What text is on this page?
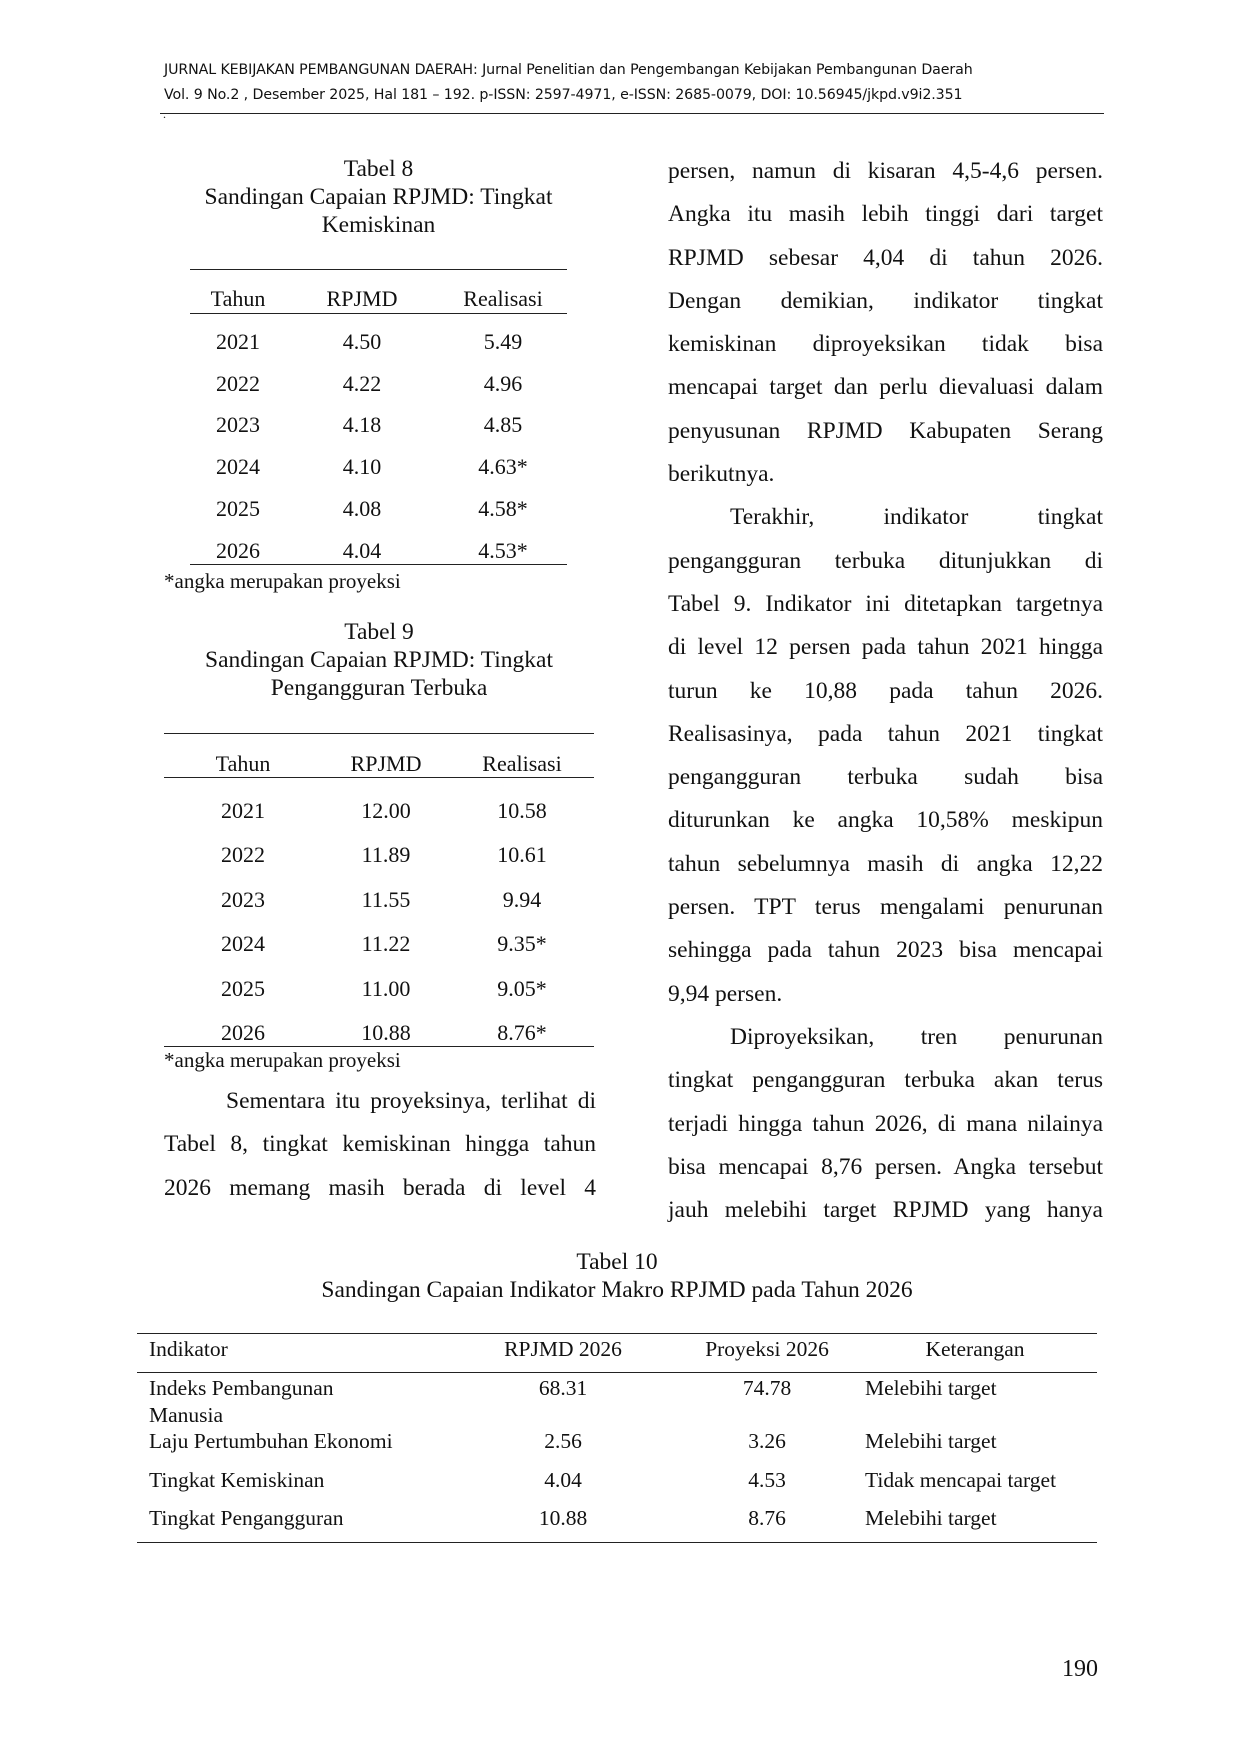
JURNAL KEBIJAKAN PEMBANGUNAN DAERAH: Jurnal Penelitian dan Pengembangan Kebijakan Pembangunan Daerah
Vol. 9 No.2 , Desember 2025, Hal 181 – 192. p-ISSN: 2597-4971, e-ISSN: 2685-0079, DOI: 10.56945/jkpd.v9i2.351
.
Tabel 8
Sandingan Capaian RPJMD: Tingkat
Kemiskinan
Tahun	RPJMD	Realisasi
2021	4.50	5.49
2022	4.22	4.96
2023	4.18	4.85
2024	4.10	4.63*
2025	4.08	4.58*
2026	4.04	4.53*
*angka merupakan proyeksi
Tabel 9
Sandingan Capaian RPJMD: Tingkat
Pengangguran Terbuka
Tahun	RPJMD	Realisasi
2021	12.00	10.58
2022	11.89	10.61
2023	11.55	9.94
2024	11.22	9.35*
2025	11.00	9.05*
2026	10.88	8.76*
*angka merupakan proyeksi
Sementara itu proyeksinya, terlihat di
Tabel 8, tingkat kemiskinan hingga tahun
2026 memang masih berada di level 4
persen, namun di kisaran 4,5-4,6 persen.
Angka itu masih lebih tinggi dari target
RPJMD sebesar 4,04 di tahun 2026.
Dengan demikian, indikator tingkat
kemiskinan diproyeksikan tidak bisa
mencapai target dan perlu dievaluasi dalam
penyusunan RPJMD Kabupaten Serang
berikutnya.
Terakhir, indikator tingkat
pengangguran terbuka ditunjukkan di
Tabel 9. Indikator ini ditetapkan targetnya
di level 12 persen pada tahun 2021 hingga
turun ke 10,88 pada tahun 2026.
Realisasinya, pada tahun 2021 tingkat
pengangguran terbuka sudah bisa
diturunkan ke angka 10,58% meskipun
tahun sebelumnya masih di angka 12,22
persen. TPT terus mengalami penurunan
sehingga pada tahun 2023 bisa mencapai
9,94 persen.
Diproyeksikan, tren penurunan
tingkat pengangguran terbuka akan terus
terjadi hingga tahun 2026, di mana nilainya
bisa mencapai 8,76 persen. Angka tersebut
jauh melebihi target RPJMD yang hanya
Tabel 10
Sandingan Capaian Indikator Makro RPJMD pada Tahun 2026
Indikator	RPJMD 2026	Proyeksi 2026	Keterangan
Indeks Pembangunan
Manusia
68.31	74.78	Melebihi target
Laju Pertumbuhan Ekonomi	2.56	3.26	Melebihi target
Tingkat Kemiskinan	4.04	4.53	Tidak mencapai target
Tingkat Pengangguran	10.88	8.76	Melebihi target
190
